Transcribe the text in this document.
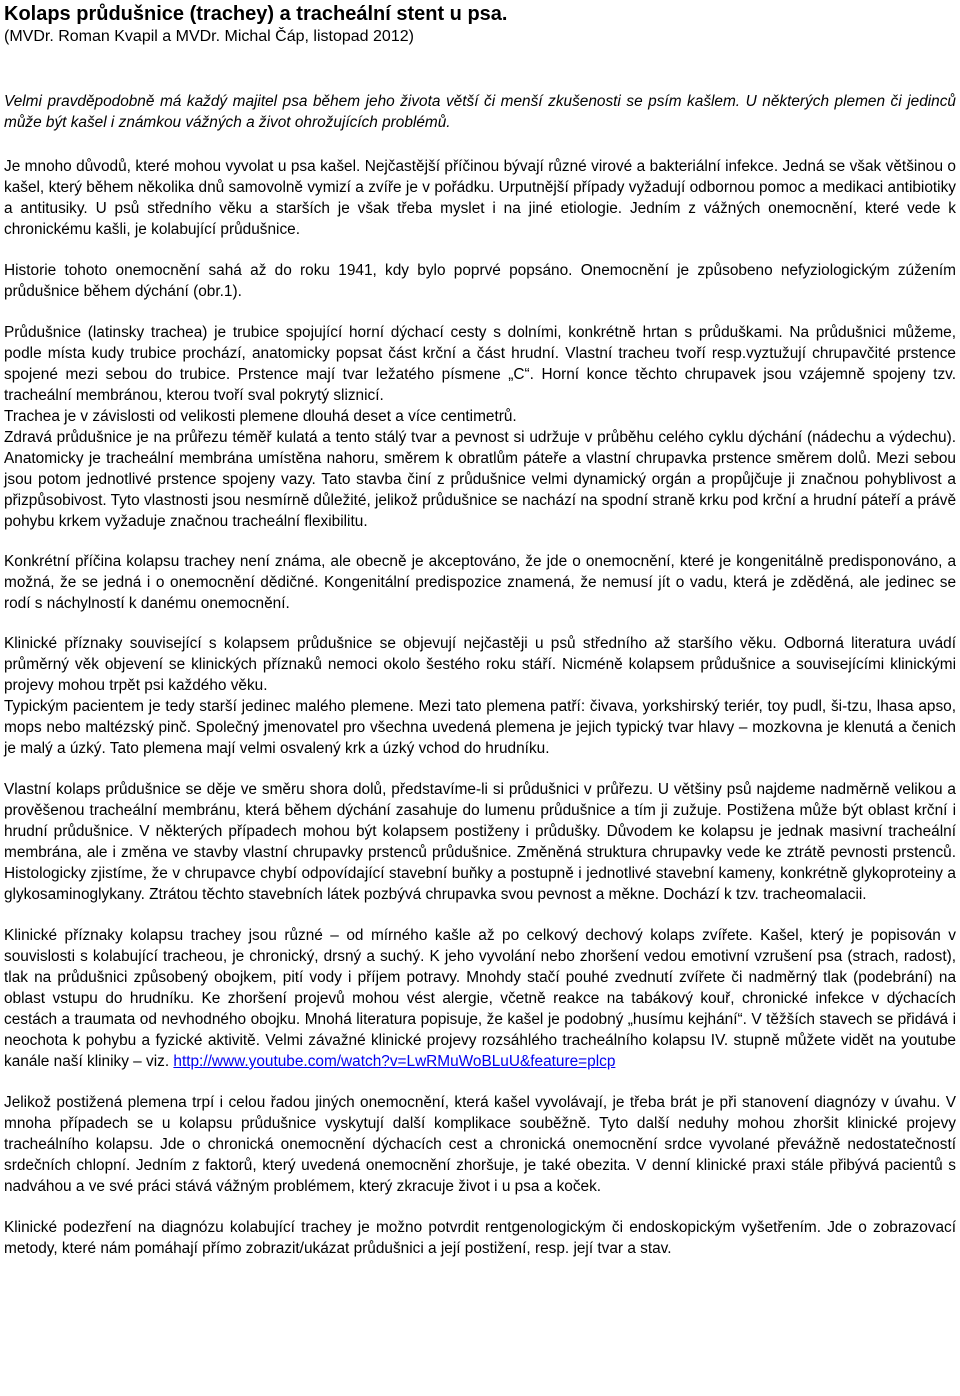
Kolaps průdušnice (trachey) a tracheální stent u psa.
(MVDr. Roman Kvapil a MVDr. Michal Čáp, listopad 2012)

Velmi pravděpodobně má každý majitel psa během jeho života větší či menší zkušenosti se psím kašlem. U některých plemen či jedinců může být kašel i známkou vážných a život ohrožujících problémů.

Je mnoho důvodů, které mohou vyvolat u psa kašel. Nejčastější příčinou bývají různé virové a bakteriální infekce. Jedná se však většinou o kašel, který během několika dnů samovolně vymizí a zvíře je v pořádku. Urputnější případy vyžadují odbornou pomoc a medikaci antibiotiky a antitusiky. U psů středního věku a starších je však třeba myslet i na jiné etiologie. Jedním z vážných onemocnění, které vede k chronickému kašli, je kolabující průdušnice.

Historie tohoto onemocnění sahá až do roku 1941, kdy bylo poprvé popsáno. Onemocnění je způsobeno nefyziologickým zúžením průdušnice během dýchání (obr.1).

Průdušnice (latinsky trachea) je trubice spojující horní dýchací cesty s dolními, konkrétně hrtan s průduškami. Na průdušnici můžeme, podle místa kudy trubice prochází, anatomicky popsat část krční a část hrudní. Vlastní tracheu tvoří resp.vyztužují chrupavčité prstence spojené mezi sebou do trubice. Prstence mají tvar ležatého písmene „C“. Horní konce těchto chrupavek jsou vzájemně spojeny tzv. tracheální membránou, kterou tvoří sval pokrytý sliznicí.

Trachea je v závislosti od velikosti plemene dlouhá deset a více centimetrů.

Zdravá průdušnice je na průřezu téměř kulatá a tento stálý tvar a pevnost si udržuje v průběhu celého cyklu dýchání (nádechu a výdechu). Anatomicky je tracheální membrána umístěna nahoru, směrem k obratlům páteře a vlastní chrupavka prstence směrem dolů. Mezi sebou jsou potom jednotlivé prstence spojeny vazy. Tato stavba činí z průdušnice velmi dynamický orgán a propůjčuje ji značnou pohyblivost a přizpůsobivost. Tyto vlastnosti jsou nesmírně důležité, jelikož průdušnice se nachází na spodní straně krku pod krční a hrudní páteří a právě pohybu krkem vyžaduje značnou tracheální flexibilitu.

Konkrétní příčina kolapsu trachey není známa, ale obecně je akceptováno, že jde o onemocnění, které je kongenitálně predisponováno, a možná, že se jedná i o onemocnění dědičné. Kongenitální predispozice znamená, že nemusí jít o vadu, která je zděděná, ale jedinec se rodí s náchylností k danému onemocnění.

Klinické příznaky související s kolapsem průdušnice se objevují nejčastěji u psů středního až staršího věku. Odborná literatura uvádí průměrný věk objevení se klinických příznaků nemoci okolo šestého roku stáří. Nicméně kolapsem průdušnice a souvisejícími klinickými projevy mohou trpět psi každého věku.

Typickým pacientem je tedy starší jedinec malého plemene. Mezi tato plemena patří: čivava, yorkshirský teriér, toy pudl, ši-tzu, lhasa apso, mops nebo maltézský pinč. Společný jmenovatel pro všechna uvedená plemena je jejich typický tvar hlavy – mozkovna je klenutá a čenich je malý a úzký. Tato plemena mají velmi osvalený krk a úzký vchod do hrudníku.

Vlastní kolaps průdušnice se děje ve směru shora dolů, představíme-li si průdušnici v průřezu. U většiny psů najdeme nadměrně velikou a prověšenou tracheální membránu, která během dýchání zasahuje do lumenu průdušnice a tím ji zužuje. Postižena může být oblast krční i hrudní průdušnice. V některých případech mohou být kolapsem postiženy i průdušky. Důvodem ke kolapsu je jednak masivní tracheální membrána, ale i změna ve stavby vlastní chrupavky prstenců průdušnice. Změněná struktura chrupavky vede ke ztrátě pevnosti prstenců. Histologicky zjistíme, že v chrupavce chybí odpovídající stavební buňky a postupně i jednotlivé stavební kameny, konkrétně glykoproteiny a glykosaminoglykany. Ztrátou těchto stavebních látek pozbývá chrupavka svou pevnost a měkne. Dochází k tzv. tracheomalacii.

Klinické příznaky kolapsu trachey jsou různé – od mírného kašle až po celkový dechový kolaps zvířete. Kašel, který je popisován v souvislosti s kolabující tracheou, je chronický, drsný a suchý. K jeho vyvolání nebo zhoršení vedou emotivní vzrušení psa (strach, radost), tlak na průdušnici způsobený obojkem, pití vody i příjem potravy. Mnohdy stačí pouhé zvednutí zvířete či nadměrný tlak (podebrání) na oblast vstupu do hrudníku. Ke zhoršení projevů mohou vést alergie, včetně reakce na tabákový kouř, chronické infekce v dýchacích cestách a traumata od nevhodného obojku. Mnohá literatura popisuje, že kašel je podobný „husímu kejhání“. V těžších stavech se přidává i neochota k pohybu a fyzické aktivitě. Velmi závažné klinické projevy rozsáhlého tracheálního kolapsu IV. stupně můžete vidět na youtube kanále naší kliniky – viz. http://www.youtube.com/watch?v=LwRMuWoBLuU&feature=plcp

Jelikož postižená plemena trpí i celou řadou jiných onemocnění, která kašel vyvolávají, je třeba brát je při stanovení diagnózy v úvahu. V mnoha případech se u kolapsu průdušnice vyskytují další komplikace souběžně. Tyto další neduhy mohou zhoršit klinické projevy tracheálního kolapsu. Jde o chronická onemocnění dýchacích cest a chronická onemocnění srdce vyvolané převážně nedostatečností srdečních chlopní. Jedním z faktorů, který uvedená onemocnění zhoršuje, je také obezita. V denní klinické praxi stále přibývá pacientů s nadváhou a ve své práci stává vážným problémem, který zkracuje život i u psa a koček.

Klinické podezření na diagnózu kolabující trachey je možno potvrdit rentgenologickým či endoskopickým vyšetřením. Jde o zobrazovací metody, které nám pomáhají přímo zobrazit/ukázat průdušnici a její postižení, resp. její tvar a stav.
